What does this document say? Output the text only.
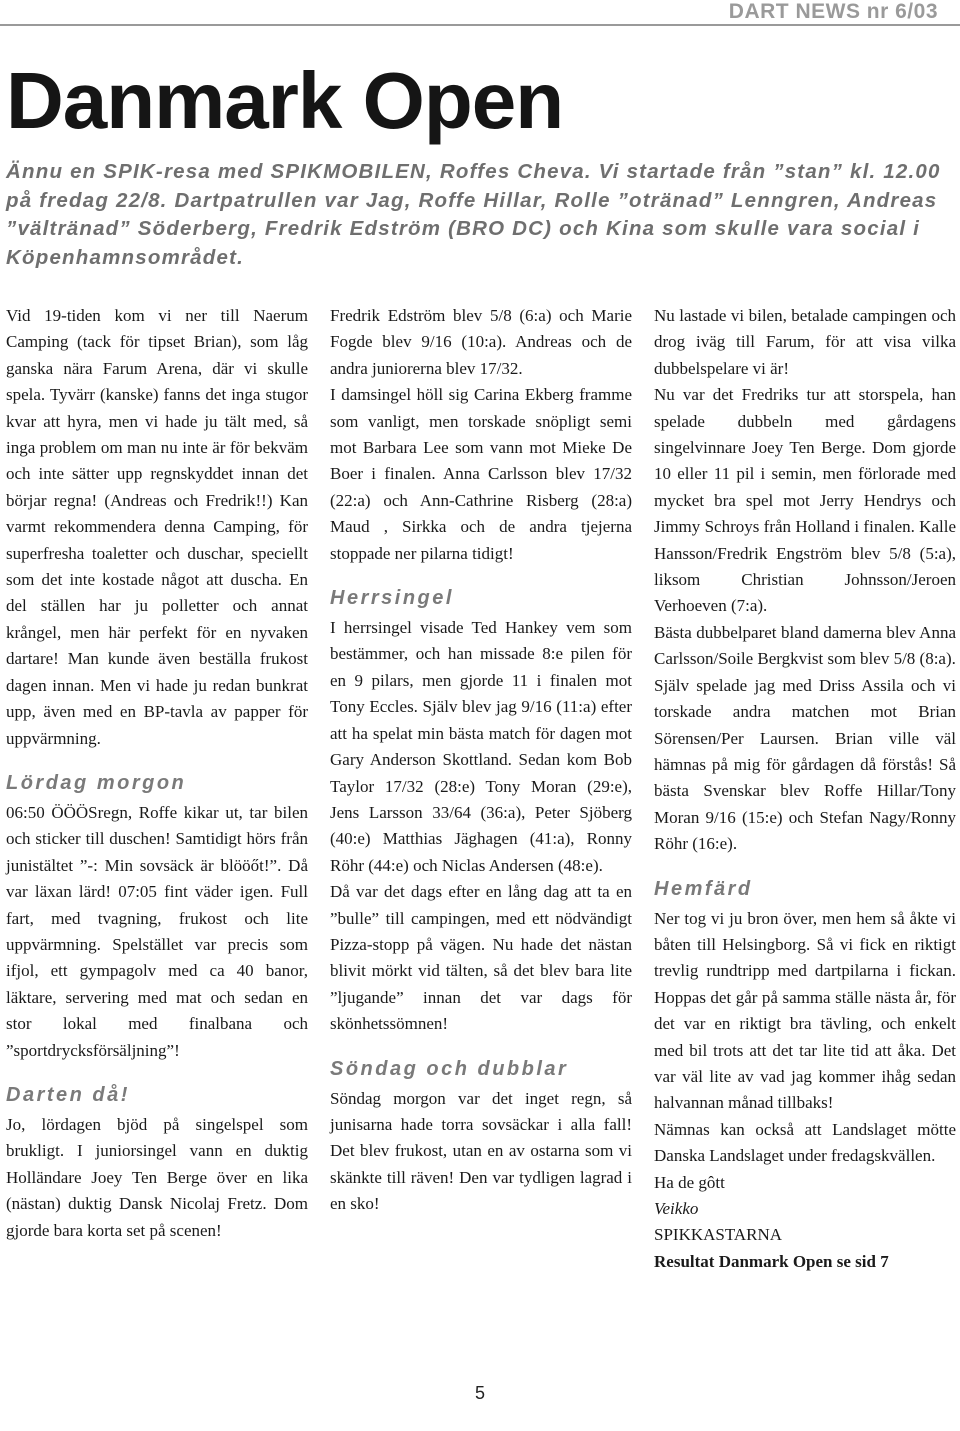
DART NEWS nr 6/03
Danmark Open

Ännu en SPIK-resa med SPIKMOBILEN, Roffes Cheva. Vi startade från ”stan” kl. 12.00 på fredag 22/8. Dartpatrullen var Jag, Roffe Hillar, Rolle ”otränad” Lenngren, Andreas ”vältränad” Söderberg, Fredrik Edström (BRO DC) och Kina som skulle vara social i Köpenhamnsområdet.

Vid 19-tiden kom vi ner till Naerum Camping (tack för tipset Brian), som låg ganska nära Farum Arena, där vi skulle spela. Tyvärr (kanske) fanns det inga stugor kvar att hyra, men vi hade ju tält med, så inga problem om man nu inte är för bekväm och inte sätter upp regnskyddet innan det börjar regna! (Andreas och Fredrik!!) Kan varmt rekommendera denna Camping, för superfresha toaletter och duschar, speciellt som det inte kostade något att duscha. En del ställen har ju polletter och annat krångel, men här perfekt för en nyvaken dartare! Man kunde även beställa frukost dagen innan. Men vi hade ju redan bunkrat upp, även med en BP-tavla av papper för uppvärmning.

Lördag morgon

06:50 ÖÖÖSregn, Roffe kikar ut, tar bilen och sticker till duschen! Samtidigt hörs från junistältet ”-: Min sovsäck är blööőt!”. Då var läxan lärd! 07:05 fint väder igen. Full fart, med tvagning, frukost och lite uppvärmning. Spelstället var precis som ifjol, ett gympagolv med ca 40 banor, läktare, servering med mat och sedan en stor lokal med finalbana och ”sportdrycksförsäljning”!

Darten då!

Jo, lördagen bjöd på singelspel som brukligt. I juniorsingel vann en duktig Holländare Joey Ten Berge över en lika (nästan) duktig Dansk Nicolaj Fretz. Dom gjorde bara korta set på scenen!

Fredrik Edström blev 5/8 (6:a) och Marie Fogde blev 9/16 (10:a). Andreas och de andra juniorerna blev 17/32.

I damsingel höll sig Carina Ekberg framme som vanligt, men torskade snöpligt semi mot Barbara Lee som vann mot Mieke De Boer i finalen. Anna Carlsson blev 17/32 (22:a) och Ann-Cathrine Risberg (28:a) Maud , Sirkka och de andra tjejerna stoppade ner pilarna tidigt!

Herrsingel

I herrsingel visade Ted Hankey vem som bestämmer, och han missade 8:e pilen för en 9 pilars, men gjorde 11 i finalen mot Tony Eccles. Själv blev jag 9/16 (11:a) efter att ha spelat min bästa match för dagen mot Gary Anderson Skottland. Sedan kom Bob Taylor 17/32 (28:e) Tony Moran (29:e), Jens Larsson 33/64 (36:a), Peter Sjöberg (40:e) Matthias Jäghagen (41:a), Ronny Röhr (44:e) och Niclas Andersen (48:e).

Då var det dags efter en lång dag att ta en ”bulle” till campingen, med ett nödvändigt Pizza-stopp på vägen. Nu hade det nästan blivit mörkt vid tälten, så det blev bara lite ”ljugande” innan det var dags för skönhetssömnen!

Söndag och dubblar

Söndag morgon var det inget regn, så junisarna hade torra sovsäckar i alla fall! Det blev frukost, utan en av ostarna som vi skänkte till räven! Den var tydligen lagrad i en sko!

Nu lastade vi bilen, betalade campingen och drog iväg till Farum, för att visa vilka dubbelspelare vi är!

Nu var det Fredriks tur att storspela, han spelade dubbeln med gårdagens singelvinnare Joey Ten Berge. Dom gjorde 10 eller 11 pil i semin, men förlorade med mycket bra spel mot Jerry Hendrys och Jimmy Schroys från Holland i finalen. Kalle Hansson/Fredrik Engström blev 5/8 (5:a), liksom Christian Johnsson/Jeroen Verhoeven (7:a).

Bästa dubbelparet bland damerna blev Anna Carlsson/Soile Bergkvist som blev 5/8 (8:a).

Själv spelade jag med Driss Assila och vi torskade andra matchen mot Brian Sörensen/Per Laursen. Brian ville väl hämnas på mig för gårdagen då förstås! Så bästa Svenskar blev Roffe Hillar/Tony Moran 9/16 (15:e) och Stefan Nagy/Ronny Röhr (16:e).

Hemfärd

Ner tog vi ju bron över, men hem så åkte vi båten till Helsingborg. Så vi fick en riktigt trevlig rundtripp med dartpilarna i fickan. Hoppas det går på samma ställe nästa år, för det var en riktigt bra tävling, och enkelt med bil trots att det tar lite tid att åka. Det var väl lite av vad jag kommer ihåg sedan halvannan månad tillbaks!

Nämnas kan också att Landslaget mötte Danska Landslaget under fredagskvällen.

Ha de gôtt

Veikko

SPIKKASTARNA

Resultat Danmark Open se sid 7

5
